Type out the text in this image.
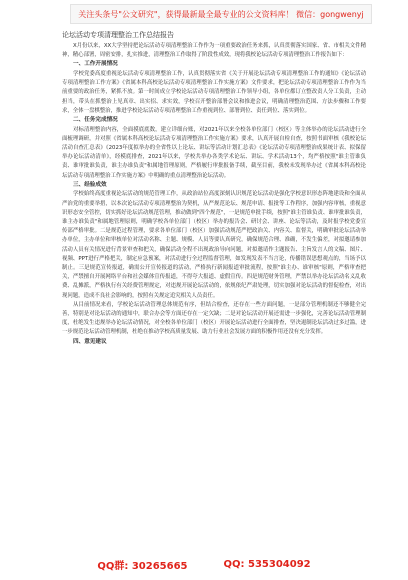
关注头条号"公文研究"，获得最新最全最专业的公文资料库！ 微信：gongwenyj
论坛活动专项清理整治工作总结报告

X月份以来，XX大学坚持把论坛活动专项清理整治工作作为一项重要政治任务来抓，认真贯彻落实国家、省、市相关文件精神，精心部署，周密安排，扎实推进，清理整治工作取得了阶段性成效，现将我校论坛活动专项清理整治工作报告如下：

一、工作开展情况

学校党委高度重视论坛活动专项清理整治工作，认真贯彻落实省《关于开展论坛活动专项清理整治工作的通知》《论坛活动专项清理整治工作方案》《省属本科高校论坛活动专项清理整治工作实施方案》文件要求，把论坛活动专项清理整治工作作为当前重要的政治任务，紧抓不放。第一时间成立学校论坛活动专项清理整治工作领导小组，各单位都订立整改责人分工负责，主动担当，带头在抓整治上见真章、出实招、求实效，学校召开整治部署会议和推进会议，明确清理整治范围、方法步骤和工作要求，全体一盘棋整治，推进学校论坛活动专项清理整治工作重视到位、部署到位、责任到位、落实到位。

二、任务完成情况

对标清理整治内容，全面摸底底数，建立详细台账，对2021年以来全校各单位部门（校区）等主体举办的论坛活动进行全面梳理调研，并对照《省属本科高校论坛活动专项清理整治工作实施方案》要求，认真开展自检自查，按照书面审核《我校论坛活动自查汇总表》《2023年度拟举办的全省性以上论坛、讲坛等活动计划汇总表》《论坛活动专项清理整治成果统计表、拟保留举办论坛活动清单》，经模底排查，2021年以来，学校共举办各类学术论坛、讲坛、学术活动13个，均严格按照"谁主管谁负责、谁审批谁负责，谁主办谁负责"和属地管理原则，严格履行审批报备手续，截至目前，我校未发现举办过《省属本科高校论坛活动专项清理整治工作实施方案》中明确的重点清理整治论坛活动。

三、经验成效

学校始终高度重视论坛活动的规范管理工作，从政治站位高度深刻认识规范论坛活动是强化学校意识形态阵地建设和全面从严治党的重要举措，以本次论坛活动专项清理整治为契机，从严规范论坛、规范申请、报批等工作程序，加强内容审核，重视意识形态安全管控，切实抓好论坛活动规范管理，推动做到"四个规范"，一是规范申批手续，按照"谁主管谁负责、谁审批谁负责，谁主办谁负责"和属地管理原则，明确学校各单位部门（校区）举办的报告会、研讨会、讲座、论坛等活动，及时报学校党委宣传部严格审批。二是规范过程管理，要求各单位部门（校区）加强活动规范严把政治关、内容关、监督关，明确审批论坛活动举办单位，主办单位和审核单位对活动名称、主题、规模、人员等要认真研究，确保规范合理、准确，不发生偏差，对拟邀请参加活动人员有关情况进行背景审查和把关，确保活动全程不出现政治导向问题，对拟邀请作主题报告、主旨发言人的文稿、图片、视频、PPT进行严格把关，制定应急预案，对活动进行全过程监督管理，如发现发表不当言论，传播错误思想观点的，当场予以制止。三是规范宣传报道，确需公开宣传报道的活动，严格执行新闻报道审批流程，按照"谁主办、谁审核"原则，严格审查把关，严禁擅自开展网络平台和社会媒体宣传报道，不得夸大报道、虚假宣传。四是规范财务管理，严禁以举办论坛活动名义乱收费、乱摊派，严格执行有关经费管理规定，对违规开展论坛活动的，依规依纪严肃处理，切实加强对论坛活动的督促检查，对出现问题，造成不良社会影响的，按照有关规定追究相关人员责任。

从目前情况来看，学校论坛活动管理总体规范有序，但结合检查，还存在一些方面问题，一是部分管理机制还不够健全完善，特别是对论坛活动的通知中，联合办会等方面还存在一定欠缺；二是对论坛活动开展还需进一步强化，完善论坛活动管理制度，杜绝发生违规举办论坛活动情况，对全校各单位部门（校区）开展论坛活动进行全面排查，坚决遏制论坛活动过多过滥，进一步规范论坛活动管理机制，杜绝在推动学校高质量发展、助力行业社会发展方面的积极作用还没有充分发挥。

四、意见建议
QQ群: 30265665	QQ: 535304092
